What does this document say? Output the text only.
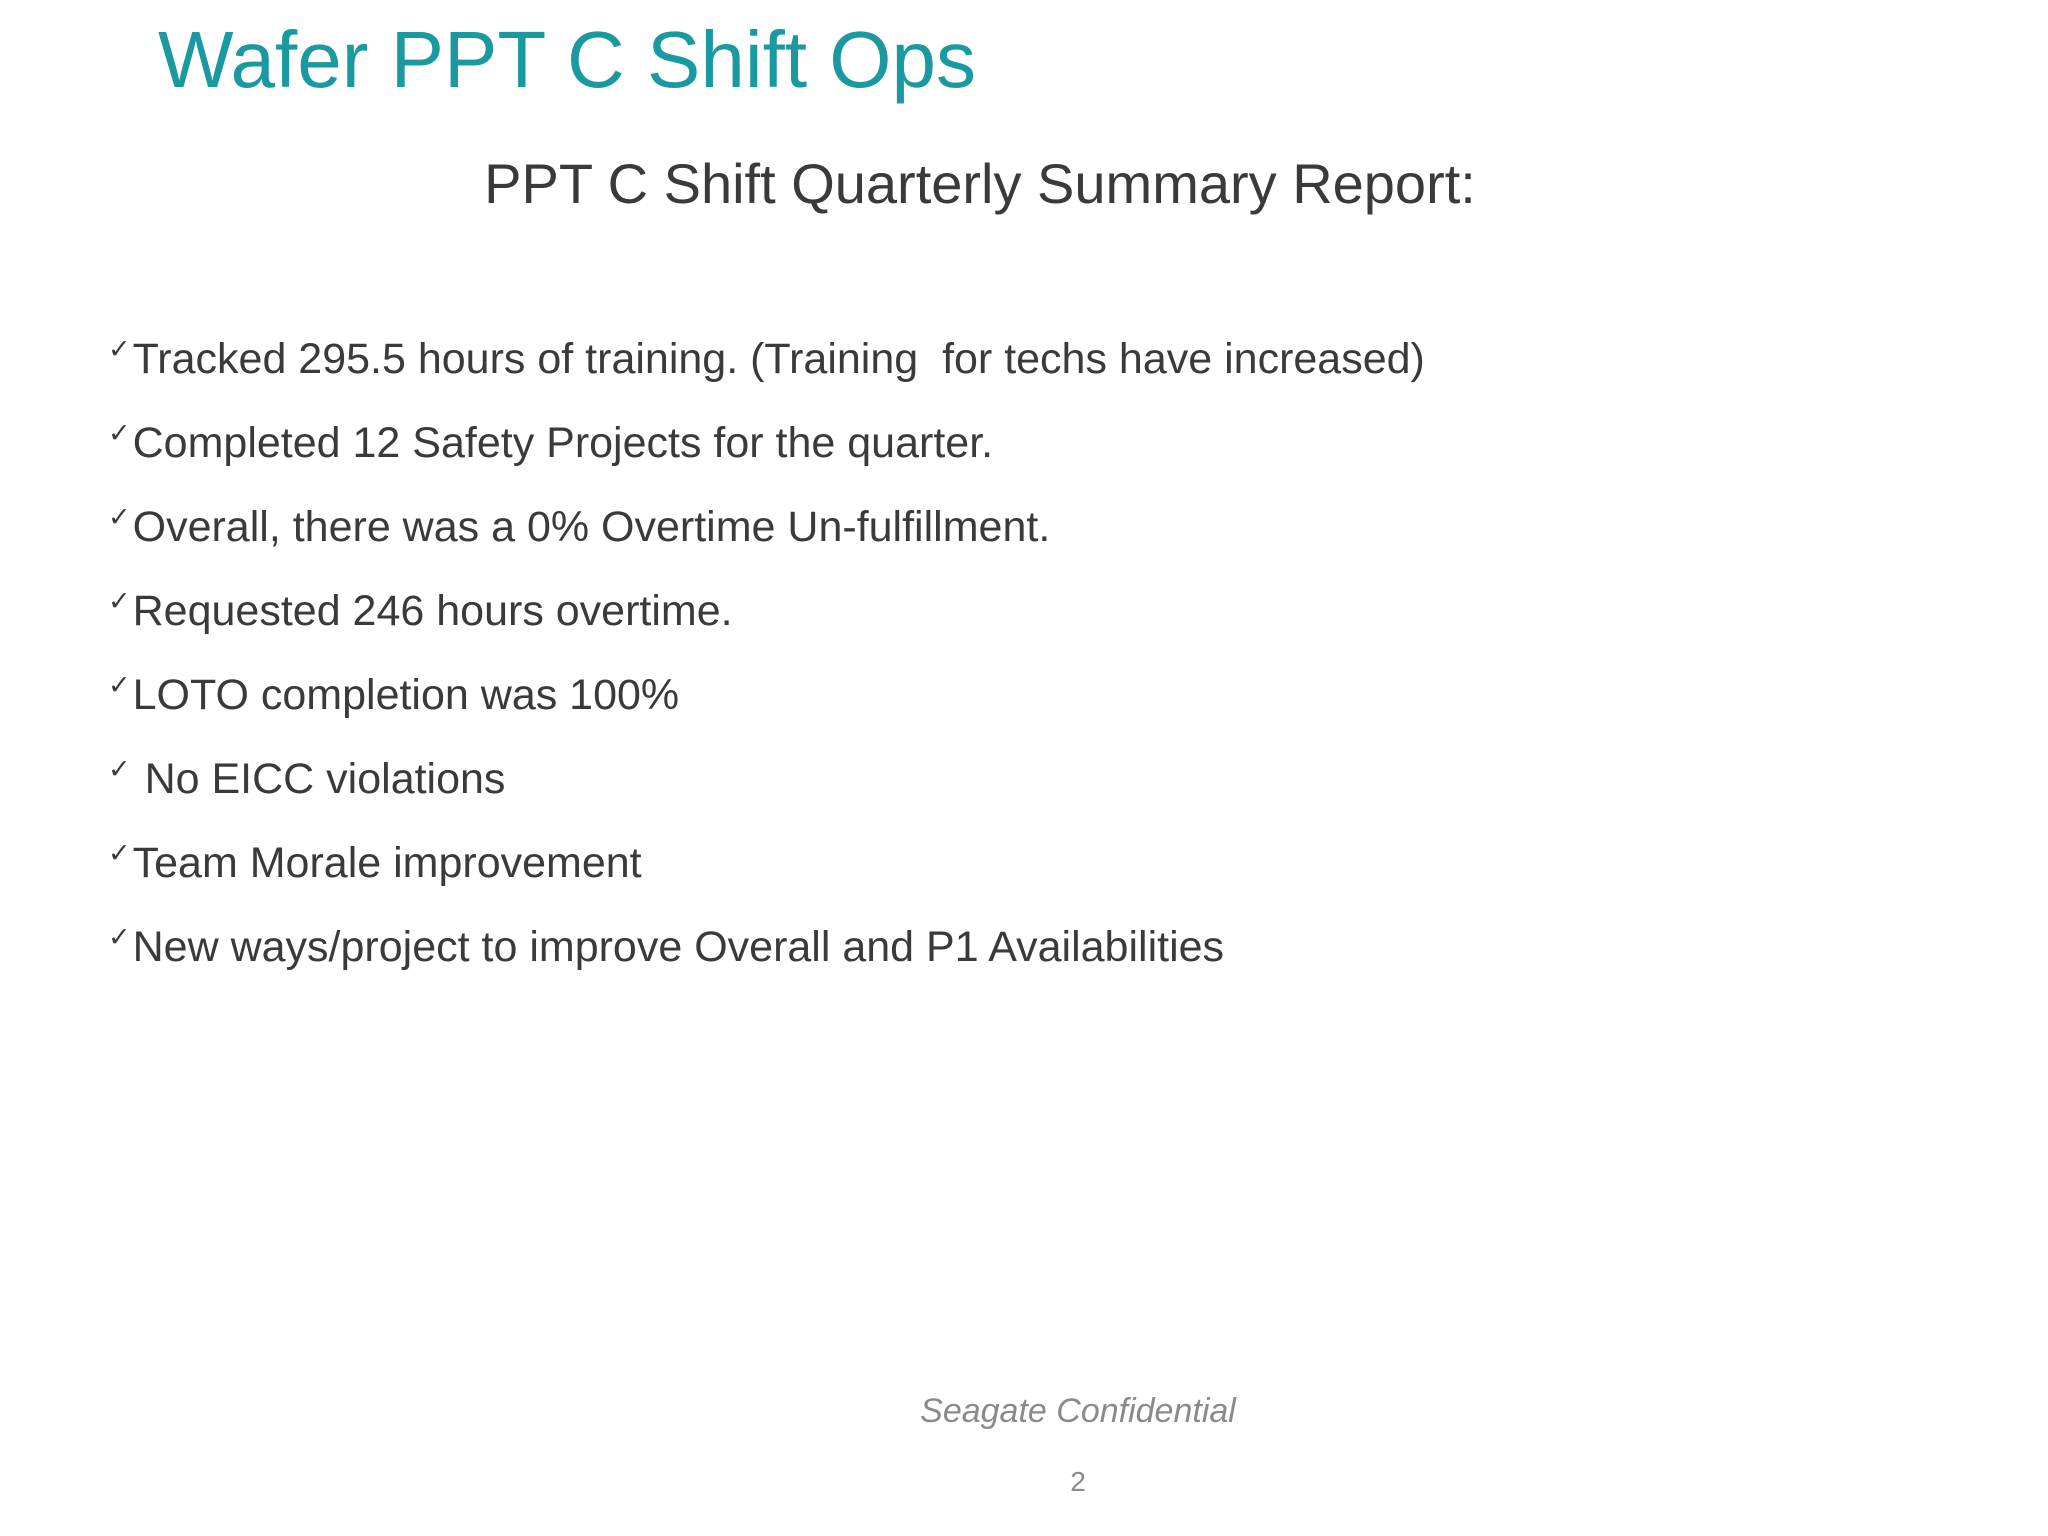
Wafer PPT C Shift Ops
PPT C Shift Quarterly Summary Report:
✓ Tracked 295.5 hours of training. (Training  for techs have increased)
✓ Completed 12 Safety Projects for the quarter.
✓ Overall, there was a 0% Overtime Un-fulfillment.
✓ Requested 246 hours overtime.
✓ LOTO completion was 100%
✓ No EICC violations
✓ Team Morale improvement
✓ New ways/project to improve Overall and P1 Availabilities
Seagate Confidential
2
